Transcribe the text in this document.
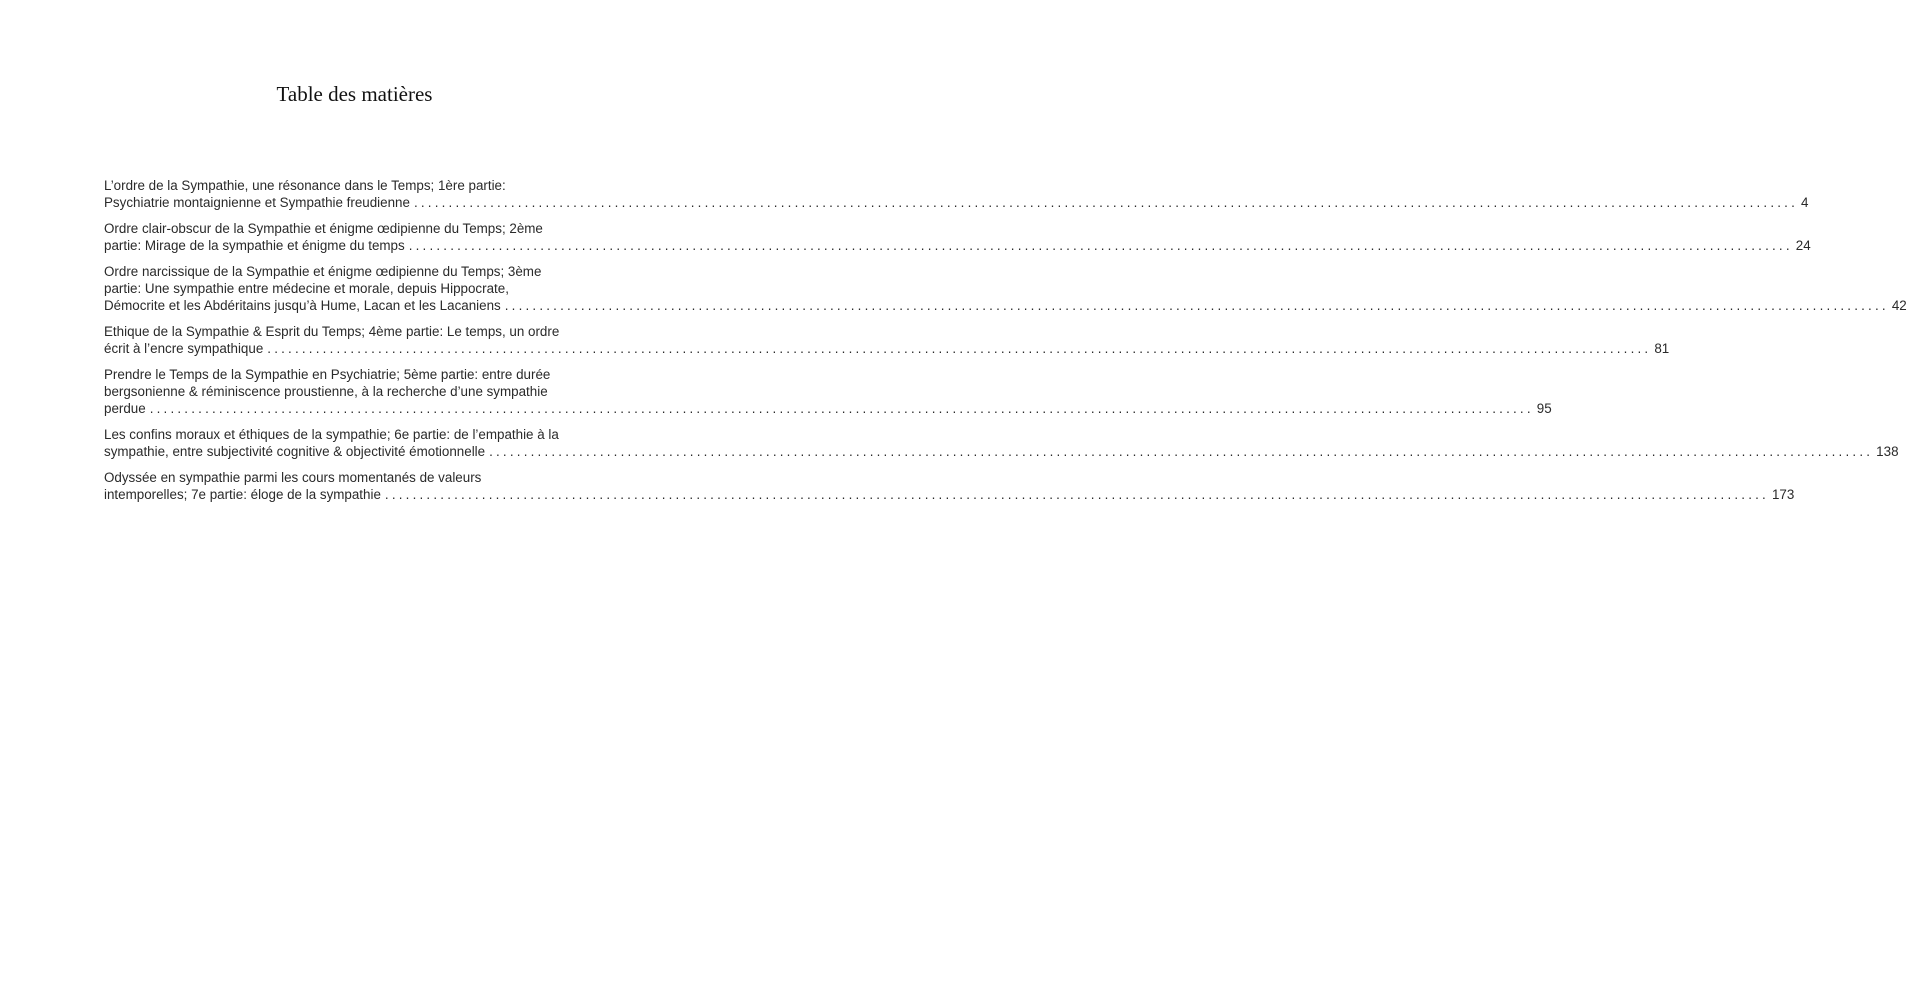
Table des matières
L’ordre de la Sympathie, une résonance dans le Temps; 1ère partie:
Psychiatrie montaignienne et Sympathie freudienne ........................................................................................................................................................................................................ 4
Ordre clair-obscur de la Sympathie et énigme œdipienne du Temps; 2ème
partie: Mirage de la sympathie et énigme du temps ........................................................................................................................................................................................................ 24
Ordre narcissique de la Sympathie et énigme œdipienne du Temps; 3ème
partie: Une sympathie entre médecine et morale, depuis Hippocrate,
Démocrite et les Abdéritains jusqu’à Hume, Lacan et les Lacaniens ........................................................................................................................................................................................................ 42
Ethique de la Sympathie & Esprit du Temps; 4ème partie: Le temps, un ordre
écrit à l’encre sympathique ........................................................................................................................................................................................................ 81
Prendre le Temps de la Sympathie en Psychiatrie; 5ème partie: entre durée
bergsonienne & réminiscence proustienne, à la recherche d’une sympathie
perdue ........................................................................................................................................................................................................ 95
Les confins moraux et éthiques de la sympathie; 6e partie: de l’empathie à la
sympathie, entre subjectivité cognitive & objectivité émotionnelle ........................................................................................................................................................................................................ 138
Odyssée en sympathie parmi les cours momentanés de valeurs
intemporelles; 7e partie: éloge de la sympathie ........................................................................................................................................................................................................ 173
